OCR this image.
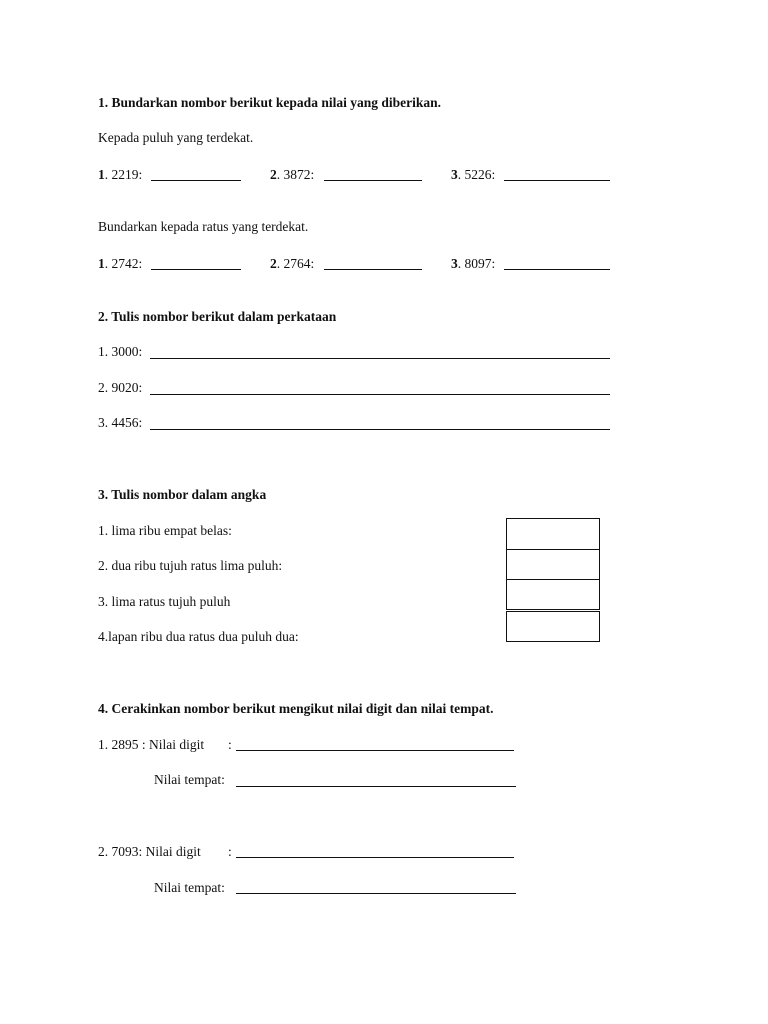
1. Bundarkan nombor berikut kepada nilai yang diberikan.
Kepada puluh yang terdekat.
1. 2219:	2. 3872:	3. 5226:
Bundarkan kepada ratus yang terdekat.
1. 2742:	2. 2764:	3. 8097:
2. Tulis nombor berikut dalam perkataan
1. 3000:
2. 9020:
3. 4456:
3. Tulis nombor dalam angka
1. lima ribu empat belas:
2. dua ribu tujuh ratus lima puluh:
3. lima ratus tujuh puluh
4.lapan ribu dua ratus dua puluh dua:
4. Cerakinkan nombor berikut mengikut nilai digit dan nilai tempat.
1. 2895 : Nilai digit :
Nilai tempat:
2. 7093: Nilai digit :
Nilai tempat:
